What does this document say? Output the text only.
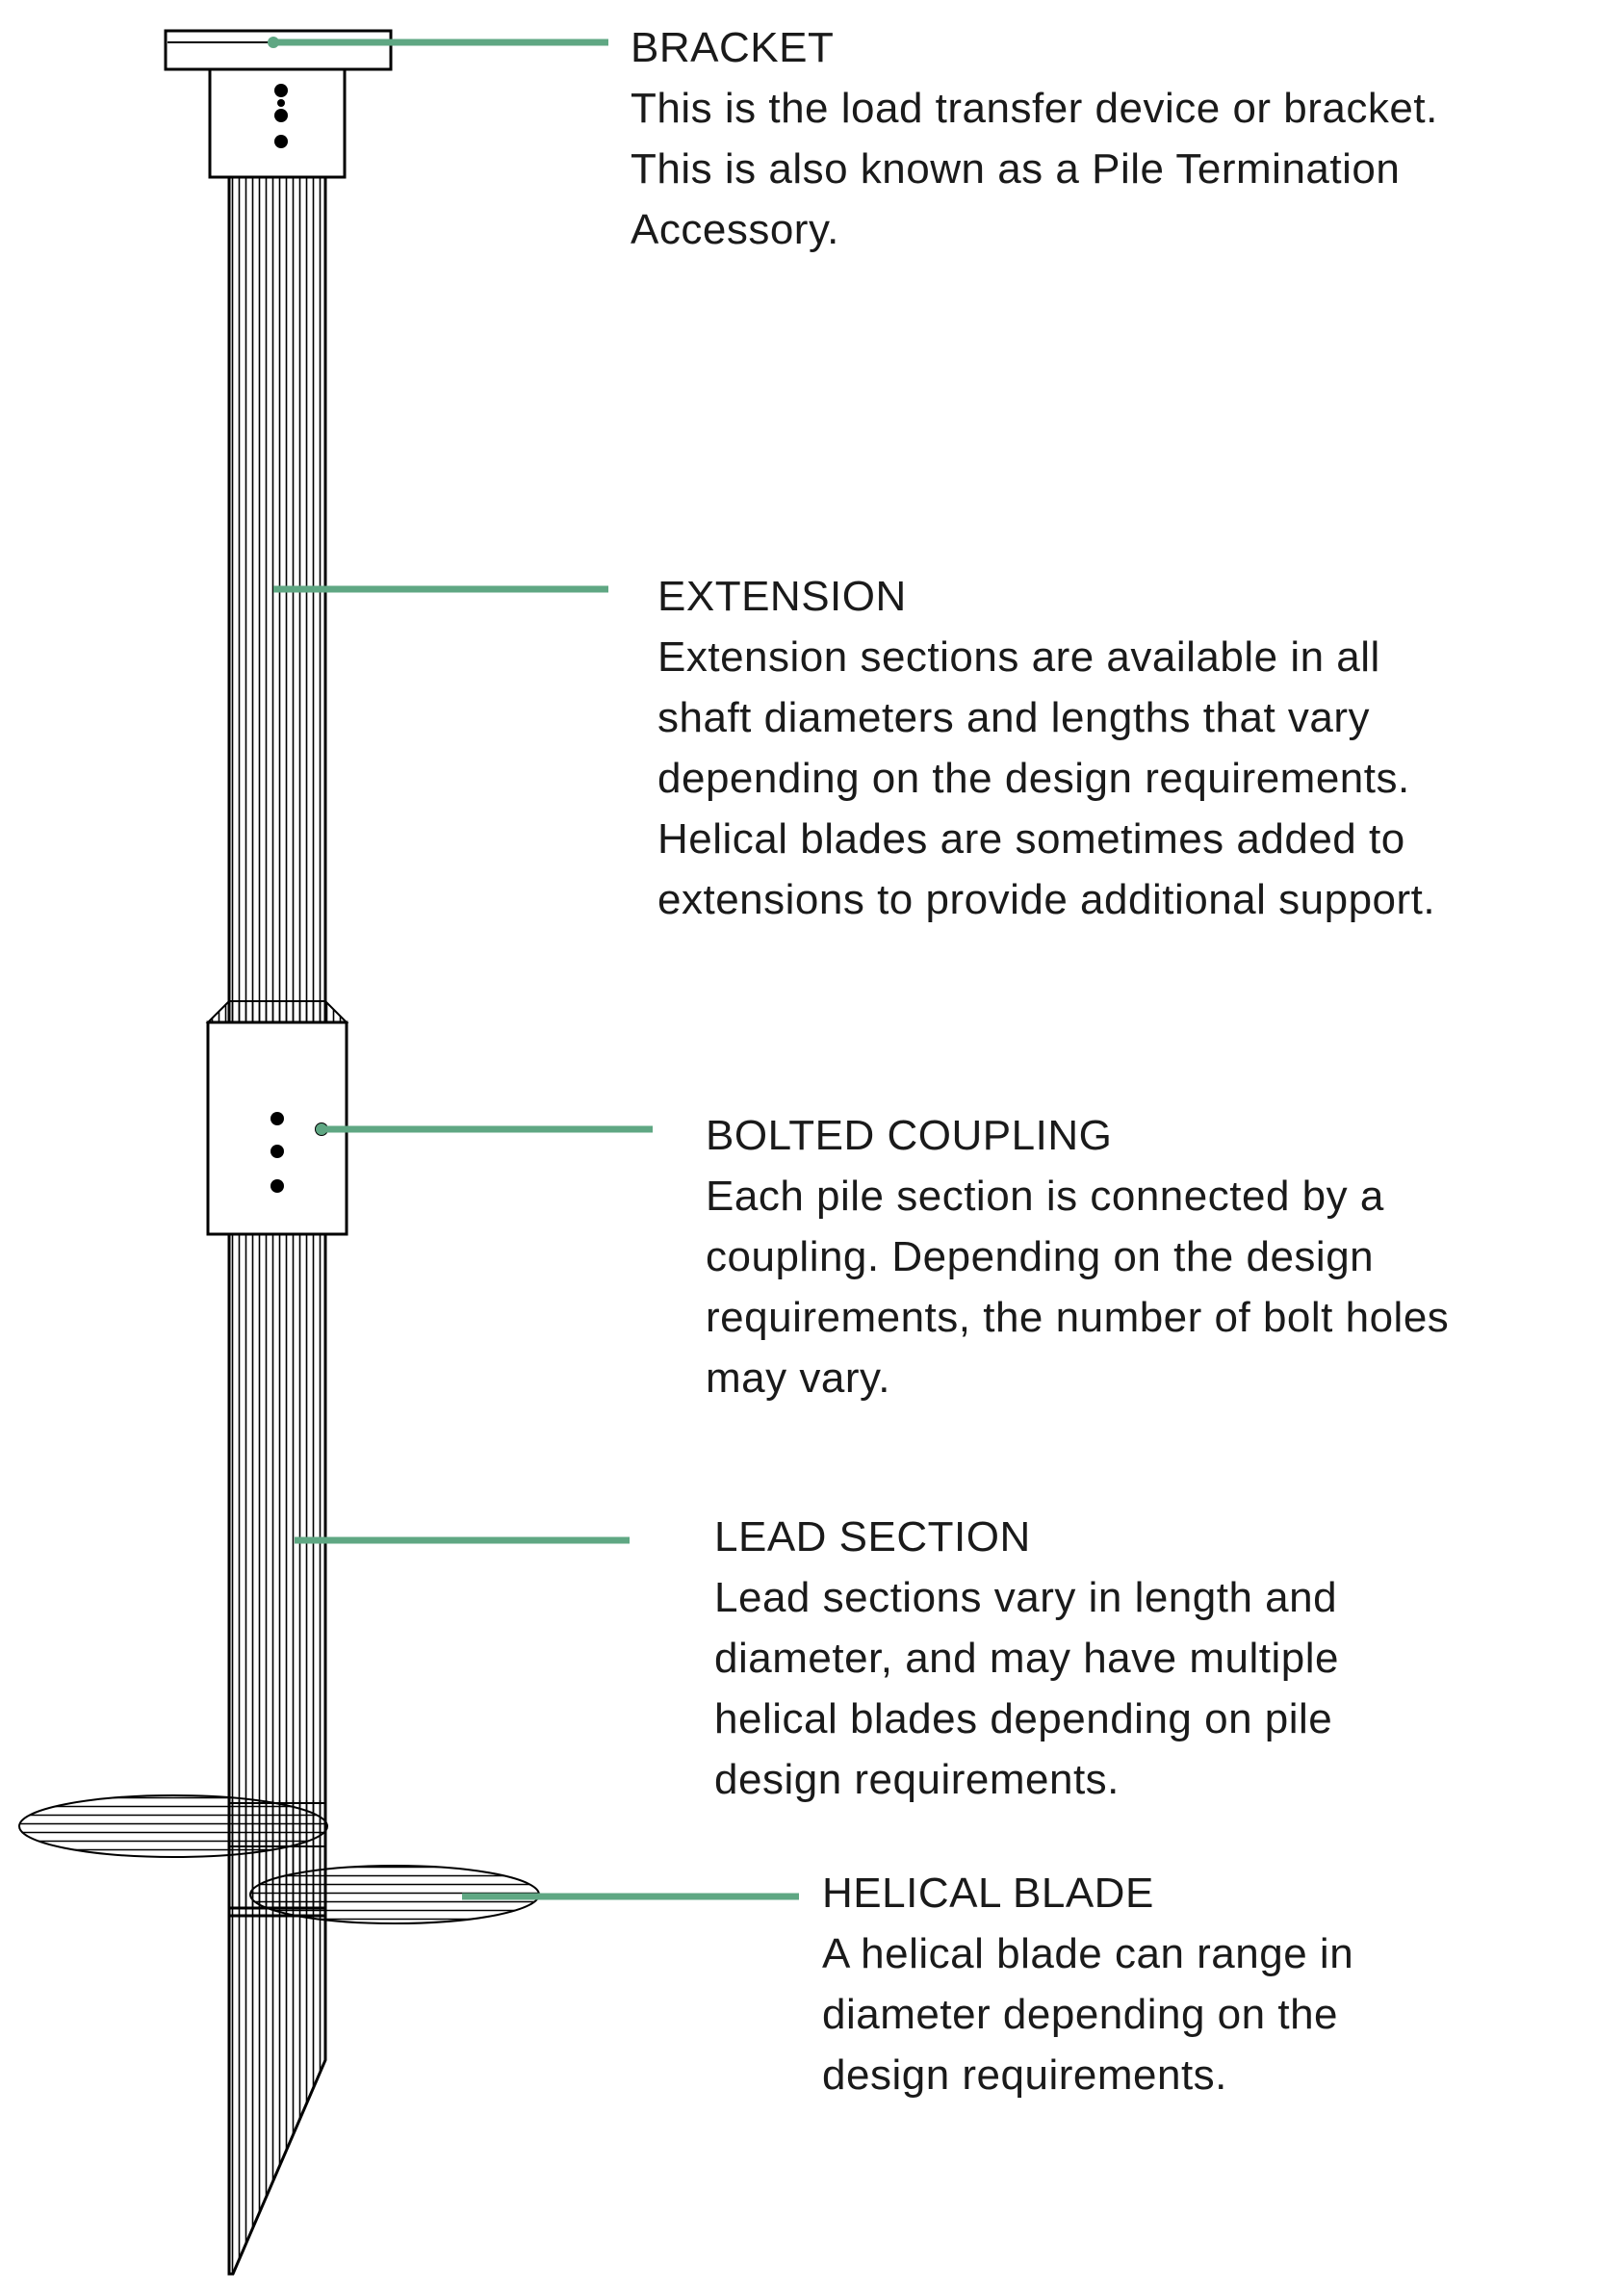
BRACKET
This is the load transfer device or bracket.
This is also known as a Pile Termination
Accessory.
EXTENSION
Extension sections are available in all
shaft diameters and lengths that vary
depending on the design requirements.
Helical blades are sometimes added to
extensions to provide additional support.
BOLTED COUPLING
Each pile section is connected by a
coupling. Depending on the design
requirements, the number of bolt holes
may vary.
LEAD SECTION
Lead sections vary in length and
diameter, and may have multiple
helical blades depending on pile
design requirements.
HELICAL BLADE
A helical blade can range in
diameter depending on the
design requirements.
